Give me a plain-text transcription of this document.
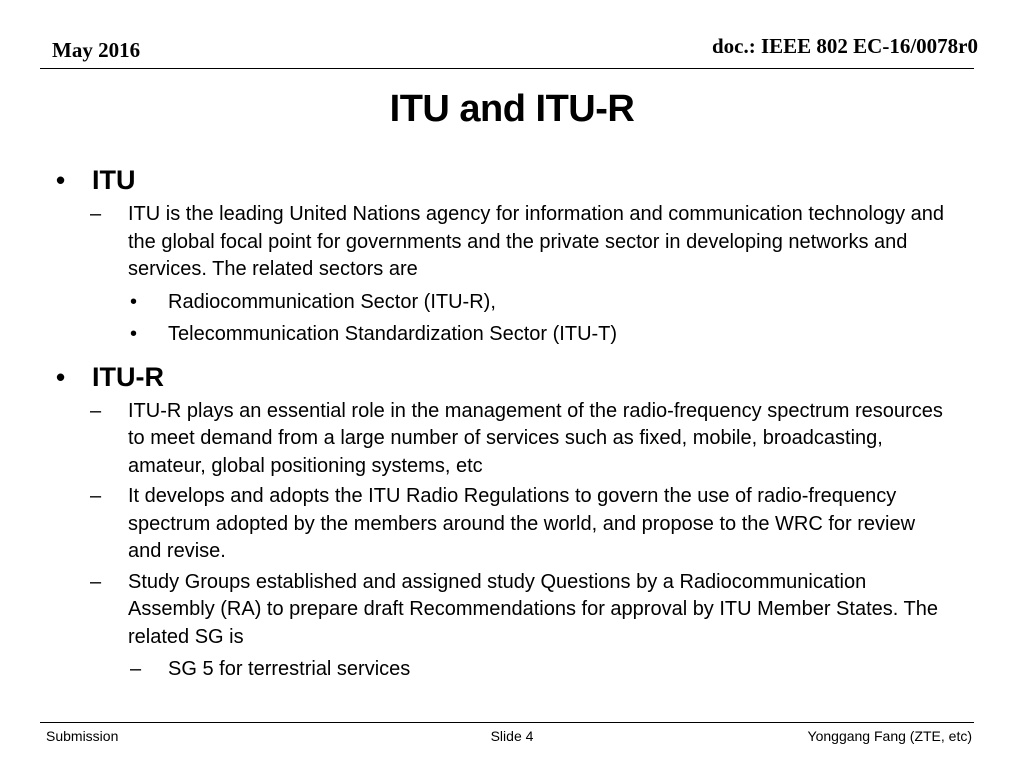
May 2016	doc.: IEEE 802 EC-16/0078r0
ITU and ITU-R
• ITU
–	ITU is the leading United Nations agency for information and communication technology and the global focal point for governments and the private sector in developing networks and services. The related sectors are
•	Radiocommunication Sector (ITU-R),
•	Telecommunication Standardization Sector (ITU-T)
• ITU-R
–	ITU-R plays an essential role in the management of the radio-frequency spectrum resources to meet demand from a large number of services such as fixed, mobile, broadcasting, amateur, global positioning systems, etc
–	It develops and adopts the ITU Radio Regulations to govern the use of radio-frequency spectrum adopted by the members around the world, and propose to the WRC for review and revise.
–	Study Groups established and assigned study Questions by a Radiocommunication Assembly (RA) to prepare draft Recommendations for approval by ITU Member States. The related SG is
–	SG 5 for terrestrial services
Submission	Slide 4	Yonggang Fang (ZTE, etc)
